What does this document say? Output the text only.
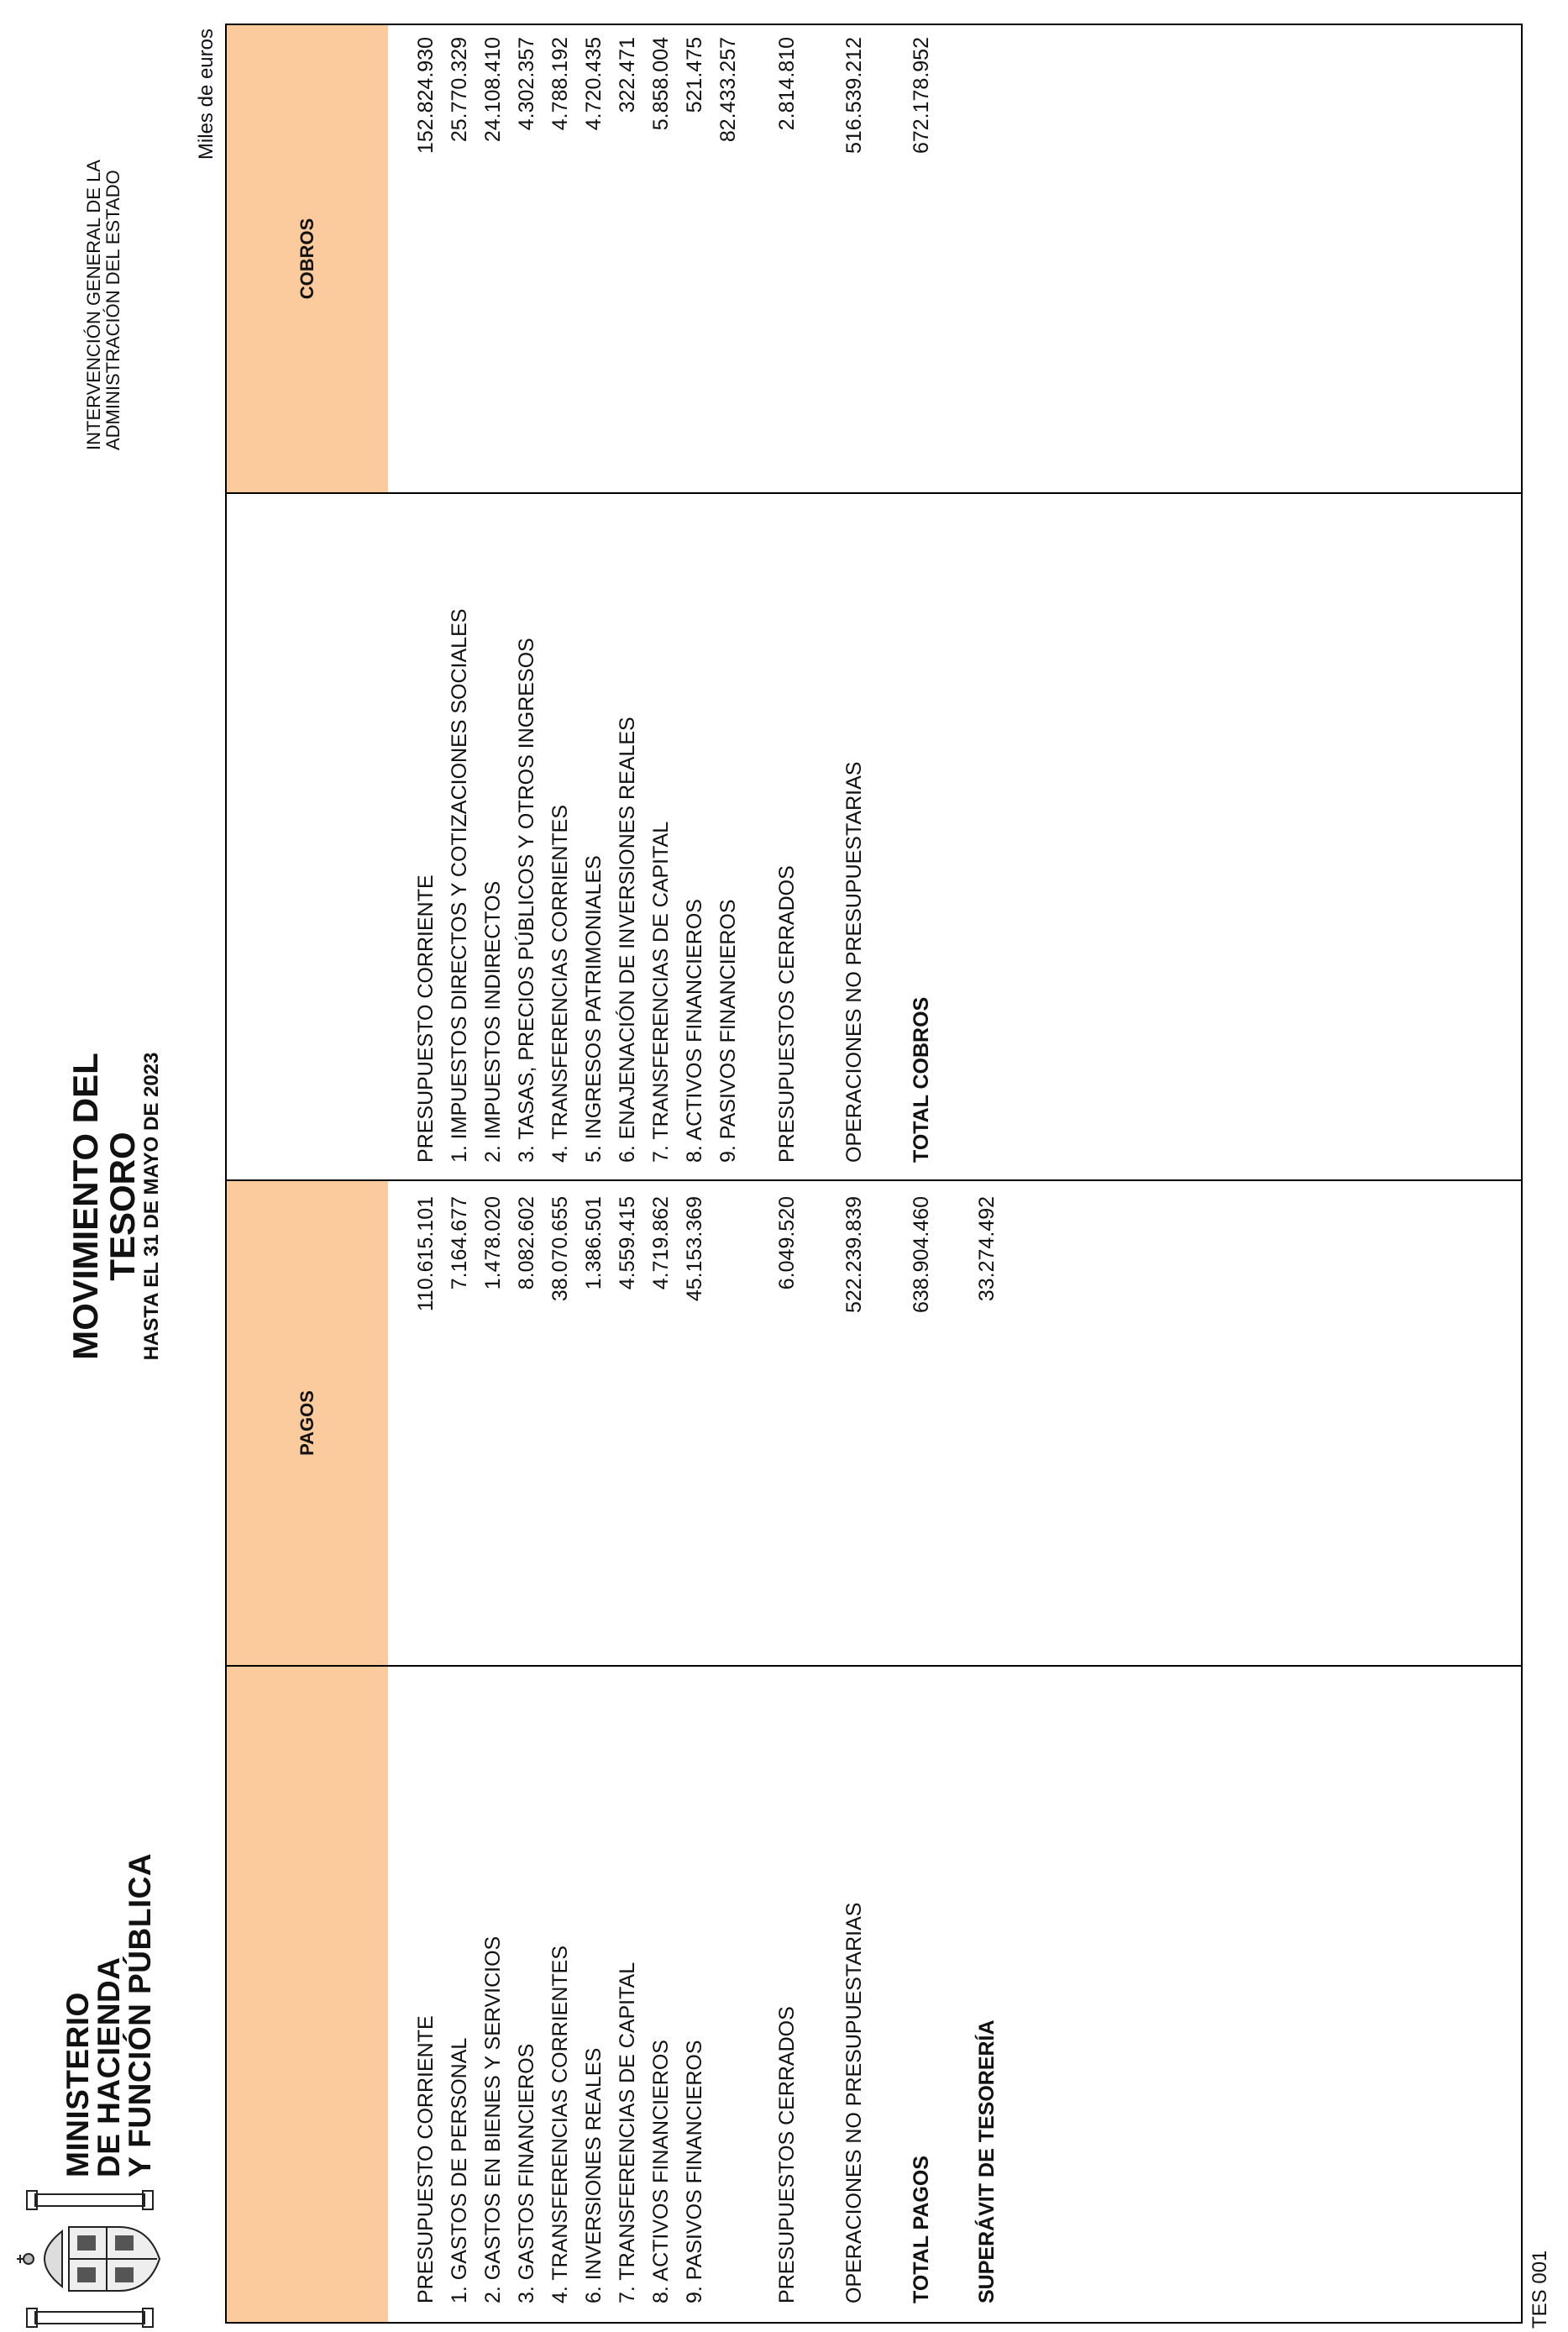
MINISTERIO
DE HACIENDA
Y FUNCIÓN PÚBLICA
MOVIMIENTO DEL TESORO
HASTA EL 31 DE MAYO DE 2023
INTERVENCIÓN GENERAL DE LA
ADMINISTRACIÓN DEL ESTADO
Miles de euros
TES 001
PAGOS
COBROS
PRESUPUESTO CORRIENTE
110.615.101
1. GASTOS DE PERSONAL
7.164.677
2. GASTOS EN BIENES Y SERVICIOS
1.478.020
3. GASTOS FINANCIEROS
8.082.602
4. TRANSFERENCIAS CORRIENTES
38.070.655
6. INVERSIONES REALES
1.386.501
7. TRANSFERENCIAS DE CAPITAL
4.559.415
8. ACTIVOS FINANCIEROS
4.719.862
9. PASIVOS FINANCIEROS
45.153.369
PRESUPUESTOS CERRADOS
6.049.520
OPERACIONES NO PRESUPUESTARIAS
522.239.839
TOTAL PAGOS
638.904.460
SUPERÁVIT DE TESORERÍA
33.274.492
PRESUPUESTO CORRIENTE
152.824.930
1. IMPUESTOS DIRECTOS Y COTIZACIONES SOCIALES
25.770.329
2. IMPUESTOS INDIRECTOS
24.108.410
3. TASAS, PRECIOS PÚBLICOS Y OTROS INGRESOS
4.302.357
4. TRANSFERENCIAS CORRIENTES
4.788.192
5. INGRESOS PATRIMONIALES
4.720.435
6. ENAJENACIÓN DE INVERSIONES REALES
322.471
7. TRANSFERENCIAS DE CAPITAL
5.858.004
8. ACTIVOS FINANCIEROS
521.475
9. PASIVOS FINANCIEROS
82.433.257
PRESUPUESTOS CERRADOS
2.814.810
OPERACIONES NO PRESUPUESTARIAS
516.539.212
TOTAL COBROS
672.178.952
